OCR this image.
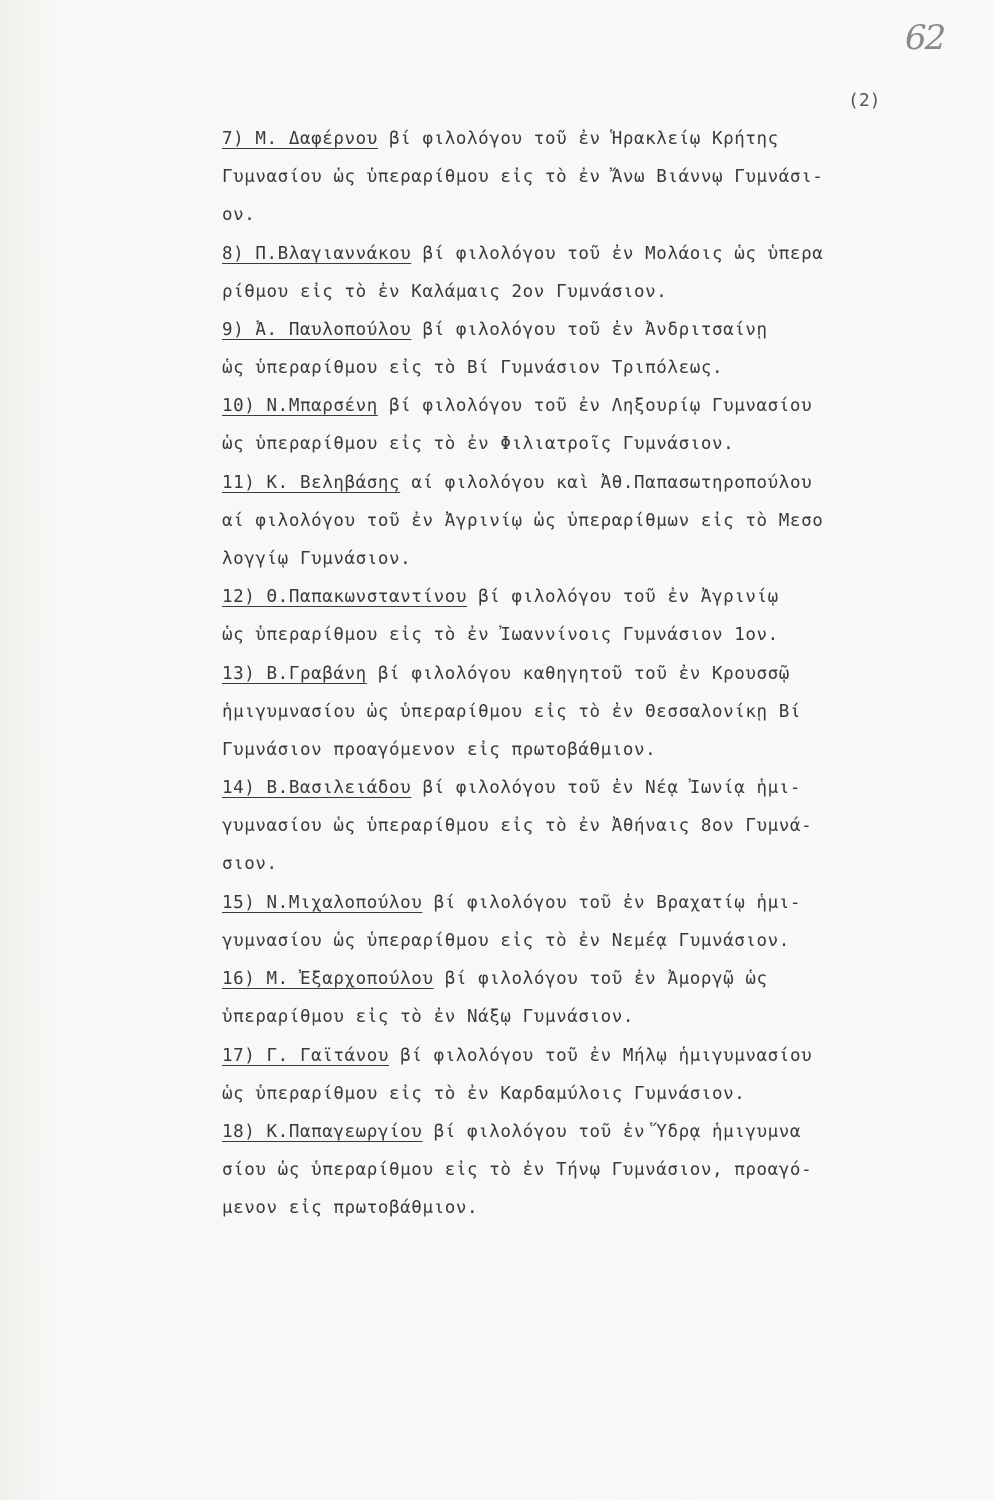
62
(2)
7) Μ. Δαφέρνου βί φιλολόγου τοῦ ἐν Ἡρακλείῳ Κρήτης
Γυμνασίου ὡς ὑπεραρίθμου εἰς τὸ ἐν Ἄνω Βιάννῳ Γυμνάσι-
ον.
8) Π.Βλαγιαννάκου βί φιλολόγου τοῦ ἐν Μολάοις ὡς ὑπερα
ρίθμου εἰς τὸ ἐν Καλάμαις 2ον Γυμνάσιον.
9) Ἀ. Παυλοπούλου βί φιλολόγου τοῦ ἐν Ἀνδριτσαίνῃ
ὡς ὑπεραρίθμου εἰς τὸ Βί Γυμνάσιον Τριπόλεως.
10) Ν.Μπαρσένη βί φιλολόγου τοῦ ἐν Ληξουρίῳ Γυμνασίου
ὡς ὑπεραρίθμου εἰς τὸ ἐν Φιλιατροῖς Γυμνάσιον.
11) Κ. Βεληβάσης αί φιλολόγου καὶ Ἀθ.Παπασωτηροπούλου
αί φιλολόγου τοῦ ἐν Ἀγρινίῳ ὡς ὑπεραρίθμων εἰς τὸ Μεσο
λογγίῳ Γυμνάσιον.
12) Θ.Παπακωνσταντίνου βί φιλολόγου τοῦ ἐν Ἀγρινίῳ
ὡς ὑπεραρίθμου εἰς τὸ ἐν Ἰωαννίνοις Γυμνάσιον 1ον.
13) Β.Γραβάνη βί φιλολόγου καθηγητοῦ τοῦ ἐν Κρουσσῷ
ἡμιγυμνασίου ὡς ὑπεραρίθμου εἰς τὸ ἐν Θεσσαλονίκῃ Βί
Γυμνάσιον προαγόμενον εἰς πρωτοβάθμιον.
14) Β.Βασιλειάδου βί φιλολόγου τοῦ ἐν Νέᾳ Ἰωνίᾳ ἡμι-
γυμνασίου ὡς ὑπεραρίθμου εἰς τὸ ἐν Ἀθήναις 8ον Γυμνά-
σιον.
15) Ν.Μιχαλοπούλου βί φιλολόγου τοῦ ἐν Βραχατίῳ ἡμι-
γυμνασίου ὡς ὑπεραρίθμου εἰς τὸ ἐν Νεμέᾳ Γυμνάσιον.
16) Μ. Ἐξαρχοπούλου βί φιλολόγου τοῦ ἐν Ἀμοργῷ ὡς
ὑπεραρίθμου εἰς τὸ ἐν Νάξῳ Γυμνάσιον.
17) Γ. Γαϊτάνου βί φιλολόγου τοῦ ἐν Μήλῳ ἡμιγυμνασίου
ὡς ὑπεραρίθμου εἰς τὸ ἐν Καρδαμύλοις Γυμνάσιον.
18) Κ.Παπαγεωργίου βί φιλολόγου τοῦ ἐν Ὕδρᾳ ἡμιγυμνα
σίου ὡς ὑπεραρίθμου εἰς τὸ ἐν Τήνῳ Γυμνάσιον, προαγό-
μενον εἰς πρωτοβάθμιον.
